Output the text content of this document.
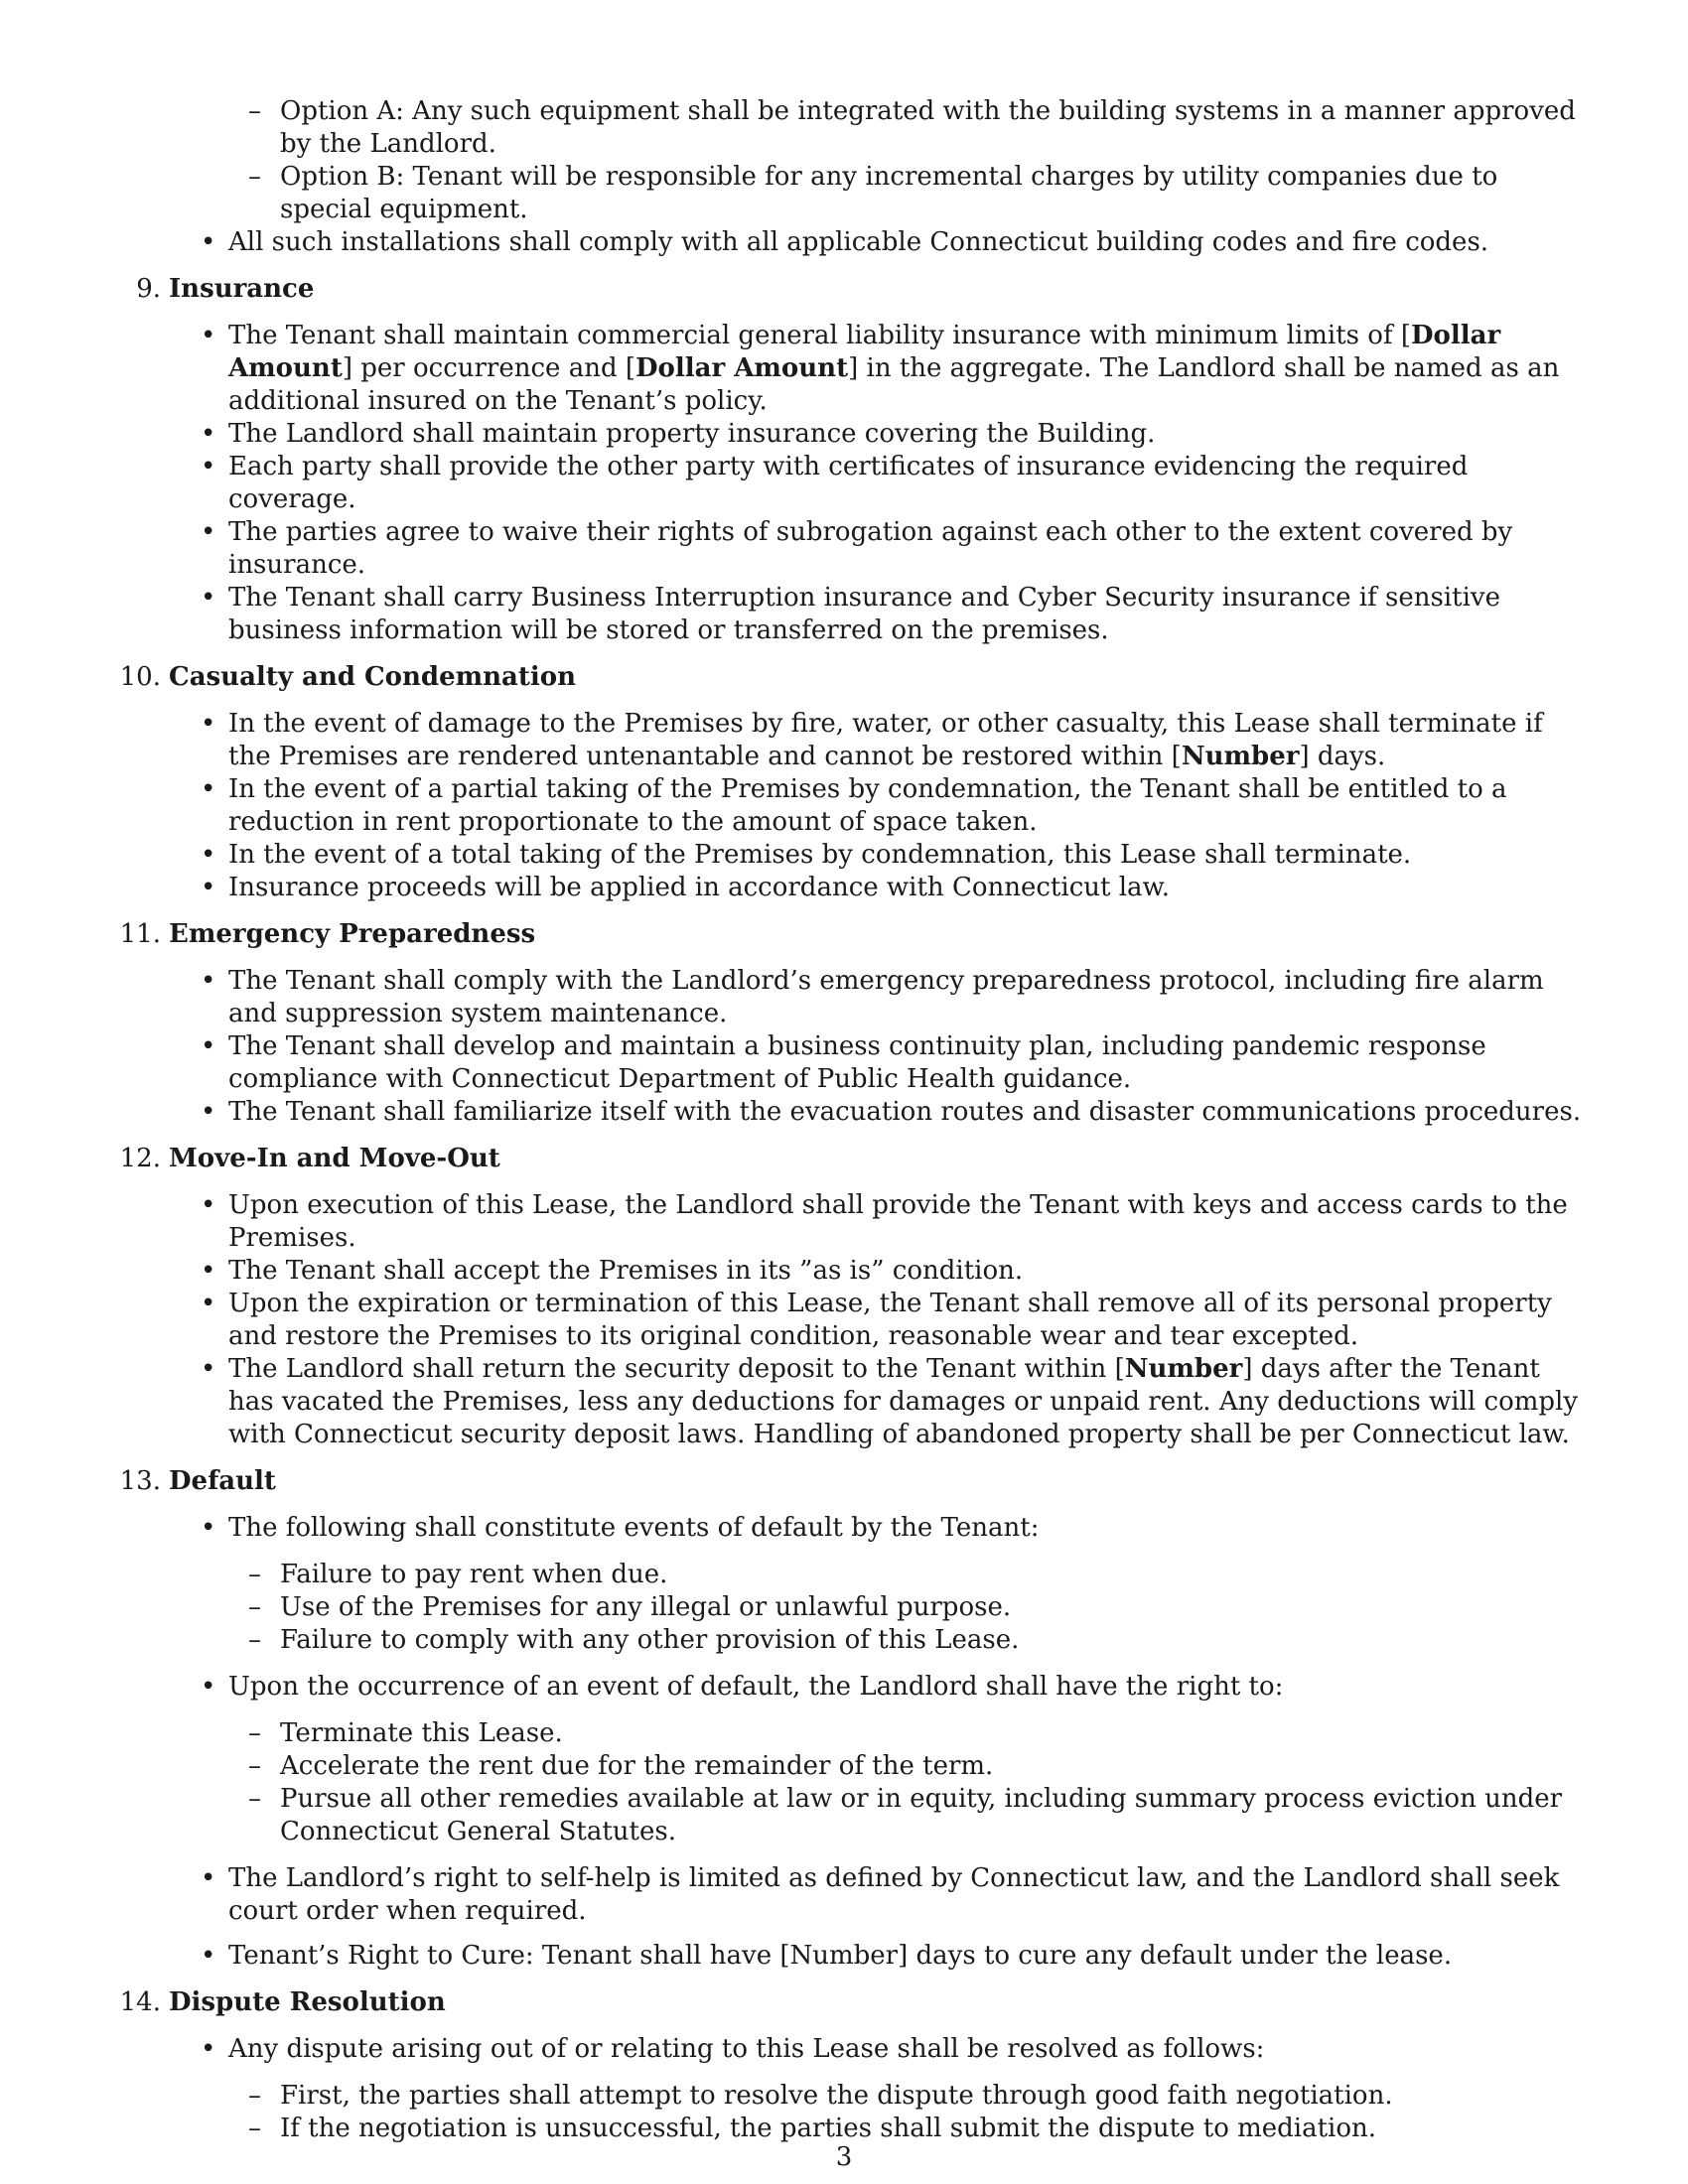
– Option A: Any such equipment shall be integrated with the building systems in a manner approved by the Landlord.
– Option B: Tenant will be responsible for any incremental charges by utility companies due to special equipment.
• All such installations shall comply with all applicable Connecticut building codes and fire codes.
9. Insurance
• The Tenant shall maintain commercial general liability insurance with minimum limits of [Dollar Amount] per occurrence and [Dollar Amount] in the aggregate. The Landlord shall be named as an additional insured on the Tenant’s policy.
• The Landlord shall maintain property insurance covering the Building.
• Each party shall provide the other party with certificates of insurance evidencing the required coverage.
• The parties agree to waive their rights of subrogation against each other to the extent covered by insurance.
• The Tenant shall carry Business Interruption insurance and Cyber Security insurance if sensitive business information will be stored or transferred on the premises.
10. Casualty and Condemnation
• In the event of damage to the Premises by fire, water, or other casualty, this Lease shall terminate if the Premises are rendered untenantable and cannot be restored within [Number] days.
• In the event of a partial taking of the Premises by condemnation, the Tenant shall be entitled to a reduction in rent proportionate to the amount of space taken.
• In the event of a total taking of the Premises by condemnation, this Lease shall terminate.
• Insurance proceeds will be applied in accordance with Connecticut law.
11. Emergency Preparedness
• The Tenant shall comply with the Landlord’s emergency preparedness protocol, including fire alarm and suppression system maintenance.
• The Tenant shall develop and maintain a business continuity plan, including pandemic response compliance with Connecticut Department of Public Health guidance.
• The Tenant shall familiarize itself with the evacuation routes and disaster communications procedures.
12. Move-In and Move-Out
• Upon execution of this Lease, the Landlord shall provide the Tenant with keys and access cards to the Premises.
• The Tenant shall accept the Premises in its ”as is” condition.
• Upon the expiration or termination of this Lease, the Tenant shall remove all of its personal property and restore the Premises to its original condition, reasonable wear and tear excepted.
• The Landlord shall return the security deposit to the Tenant within [Number] days after the Tenant has vacated the Premises, less any deductions for damages or unpaid rent. Any deductions will comply with Connecticut security deposit laws. Handling of abandoned property shall be per Connecticut law.
13. Default
• The following shall constitute events of default by the Tenant:
– Failure to pay rent when due.
– Use of the Premises for any illegal or unlawful purpose.
– Failure to comply with any other provision of this Lease.
• Upon the occurrence of an event of default, the Landlord shall have the right to:
– Terminate this Lease.
– Accelerate the rent due for the remainder of the term.
– Pursue all other remedies available at law or in equity, including summary process eviction under Connecticut General Statutes.
• The Landlord’s right to self-help is limited as defined by Connecticut law, and the Landlord shall seek court order when required.
• Tenant’s Right to Cure: Tenant shall have [Number] days to cure any default under the lease.
14. Dispute Resolution
• Any dispute arising out of or relating to this Lease shall be resolved as follows:
– First, the parties shall attempt to resolve the dispute through good faith negotiation.
– If the negotiation is unsuccessful, the parties shall submit the dispute to mediation.
3
